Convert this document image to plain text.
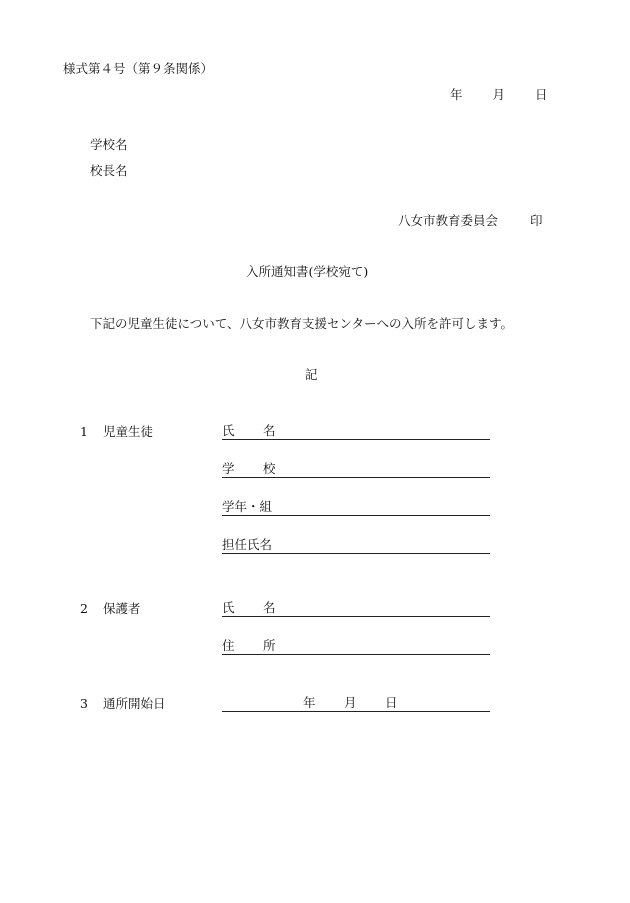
様式第４号（第９条関係）
年 月 日
学校名
校長名
八女市教育委員会	印
入所通知書(学校宛て)
下記の児童生徒について、八女市教育支援センターへの入所を許可します。
記
1 児童生徒	氏 名
学 校
学年・組
担任氏名
2 保護者	氏 名
住 所
3 通所開始日	年 月 日
